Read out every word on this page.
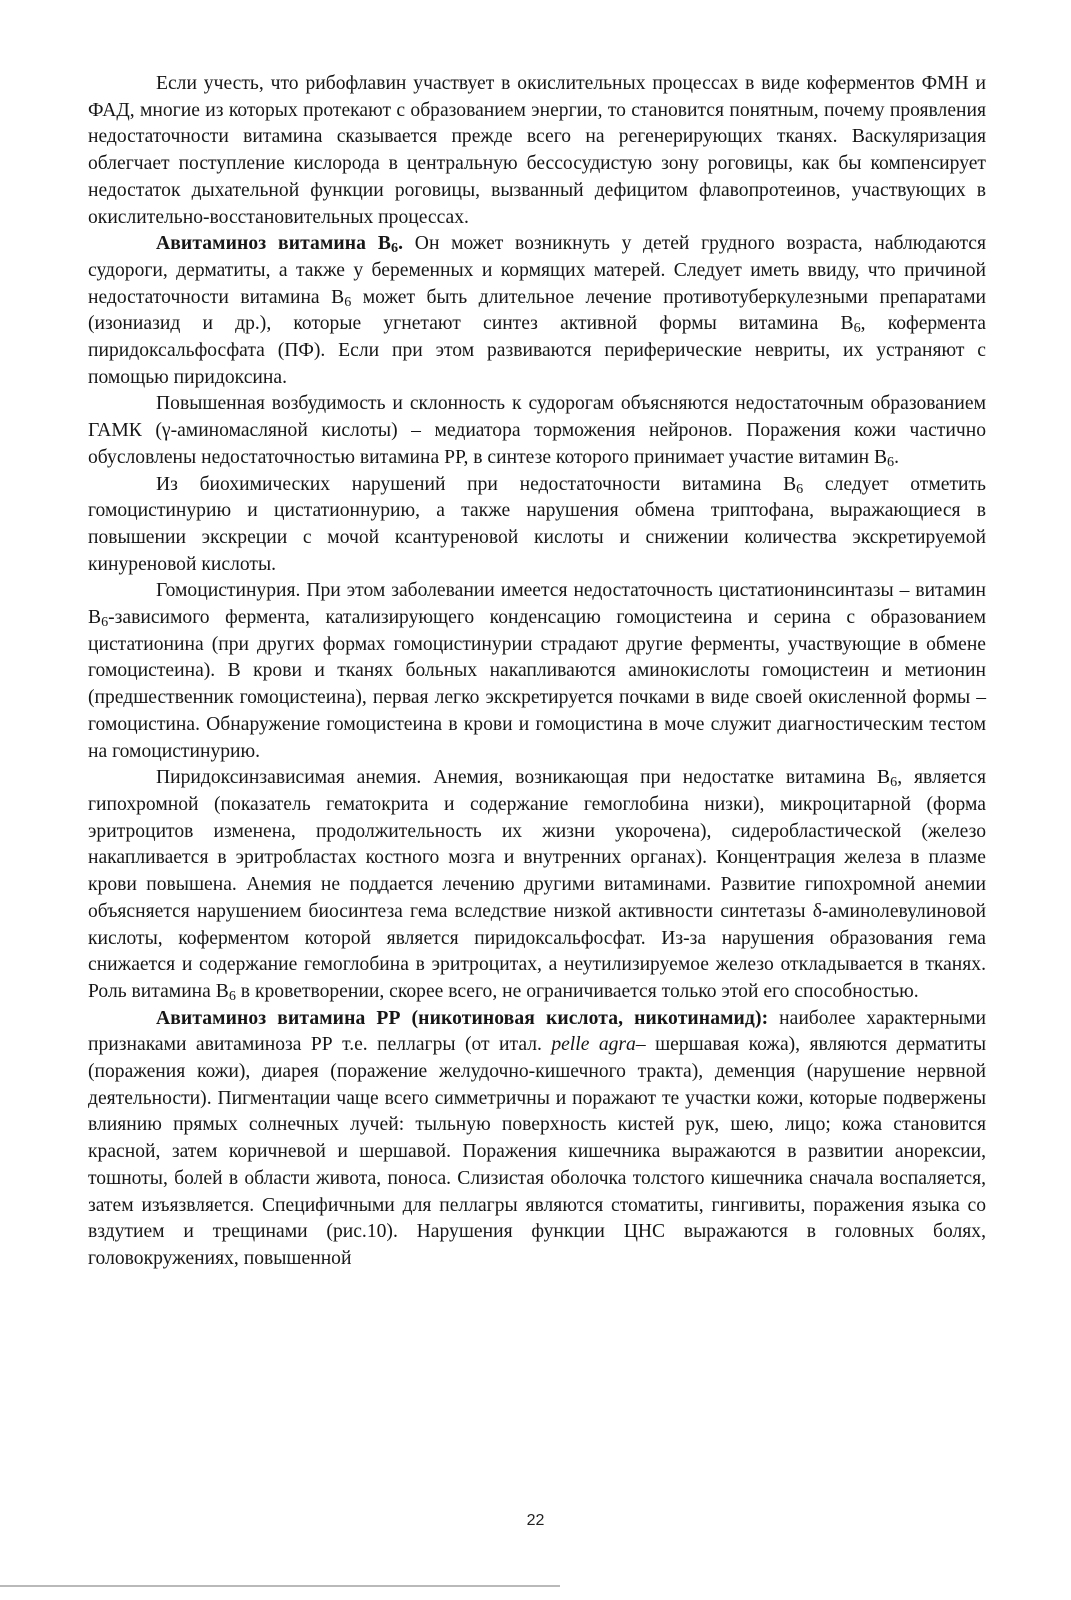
Если учесть, что рибофлавин участвует в окислительных процессах в виде коферментов ФМН и ФАД, многие из которых протекают с образованием энергии, то становится понятным, почему проявления недостаточности витамина сказывается прежде всего на регенерирующих тканях. Васкуляризация облегчает поступление кислорода в центральную бессосудистую зону роговицы, как бы компенсирует недостаток дыхательной функции роговицы, вызванный дефицитом флавопротеинов, участвующих в окислительно-восстановительных процессах.

Авитаминоз витамина $В_6$. Он может возникнуть у детей грудного возраста, наблюдаются судороги, дерматиты, а также у беременных и кормящих матерей. Следует иметь ввиду, что причиной недостаточности витамина $В_6$ может быть длительное лечение противотуберкулезными препаратами (изониазид и др.), которые угнетают синтез активной формы витамина $В_6$, кофермента пиридоксальфосфата (ПФ). Если при этом развиваются периферические невриты, их устраняют с помощью пиридоксина.

Повышенная возбудимость и склонность к судорогам объясняются недостаточным образованием ГАМК (γ-аминомасляной кислоты) – медиатора торможения нейронов. Поражения кожи частично обусловлены недостаточностью витамина РР, в синтезе которого принимает участие витамин $В_6$.

Из биохимических нарушений при недостаточности витамина $В_6$ следует отметить гомоцистинурию и цистатионнурию, а также нарушения обмена триптофана, выражающиеся в повышении экскреции с мочой ксантуреновой кислоты и снижении количества экскретируемой кинуреновой кислоты.

Гомоцистинурия. При этом заболевании имеется недостаточность цистатионинсинтазы – витамин $В_6$-зависимого фермента, катализирующего конденсацию гомоцистеина и серина с образованием цистатионина (при других формах гомоцистинурии страдают другие ферменты, участвующие в обмене гомоцистеина). В крови и тканях больных накапливаются аминокислоты гомоцистеин и метионин (предшественник гомоцистеина), первая легко экскретируется почками в виде своей окисленной формы – гомоцистина. Обнаружение гомоцистеина в крови и гомоцистина в моче служит диагностическим тестом на гомоцистинурию.

Пиридоксинзависимая анемия. Анемия, возникающая при недостатке витамина $В_6$, является гипохромной (показатель гематокрита и содержание гемоглобина низки), микроцитарной (форма эритроцитов изменена, продолжительность их жизни укорочена), сидеробластической (железо накапливается в эритробластах костного мозга и внутренних органах). Концентрация железа в плазме крови повышена. Анемия не поддается лечению другими витаминами. Развитие гипохромной анемии объясняется нарушением биосинтеза гема вследствие низкой активности синтетазы δ-аминолевулиновой кислоты, коферментом которой является пиридоксальфосфат. Из-за нарушения образования гема снижается и содержание гемоглобина в эритроцитах, а неутилизируемое железо откладывается в тканях. Роль витамина $В_6$ в кроветворении, скорее всего, не ограничивается только этой его способностью.

Авитаминоз витамина РР (никотиновая кислота, никотинамид): наиболее характерными признаками авитаминоза РР т.е. пеллагры (от итал. pelle agra– шершавая кожа), являются дерматиты (поражения кожи), диарея (поражение желудочно-кишечного тракта), деменция (нарушение нервной деятельности). Пигментации чаще всего симметричны и поражают те участки кожи, которые подвержены влиянию прямых солнечных лучей: тыльную поверхность кистей рук, шею, лицо; кожа становится красной, затем коричневой и шершавой. Поражения кишечника выражаются в развитии анорексии, тошноты, болей в области живота, поноса. Слизистая оболочка толстого кишечника сначала воспаляется, затем изъязвляется. Специфичными для пеллагры являются стоматиты, гингивиты, поражения языка со вздутием и трещинами (рис.10). Нарушения функции ЦНС выражаются в головных болях, головокружениях, повышенной

22
